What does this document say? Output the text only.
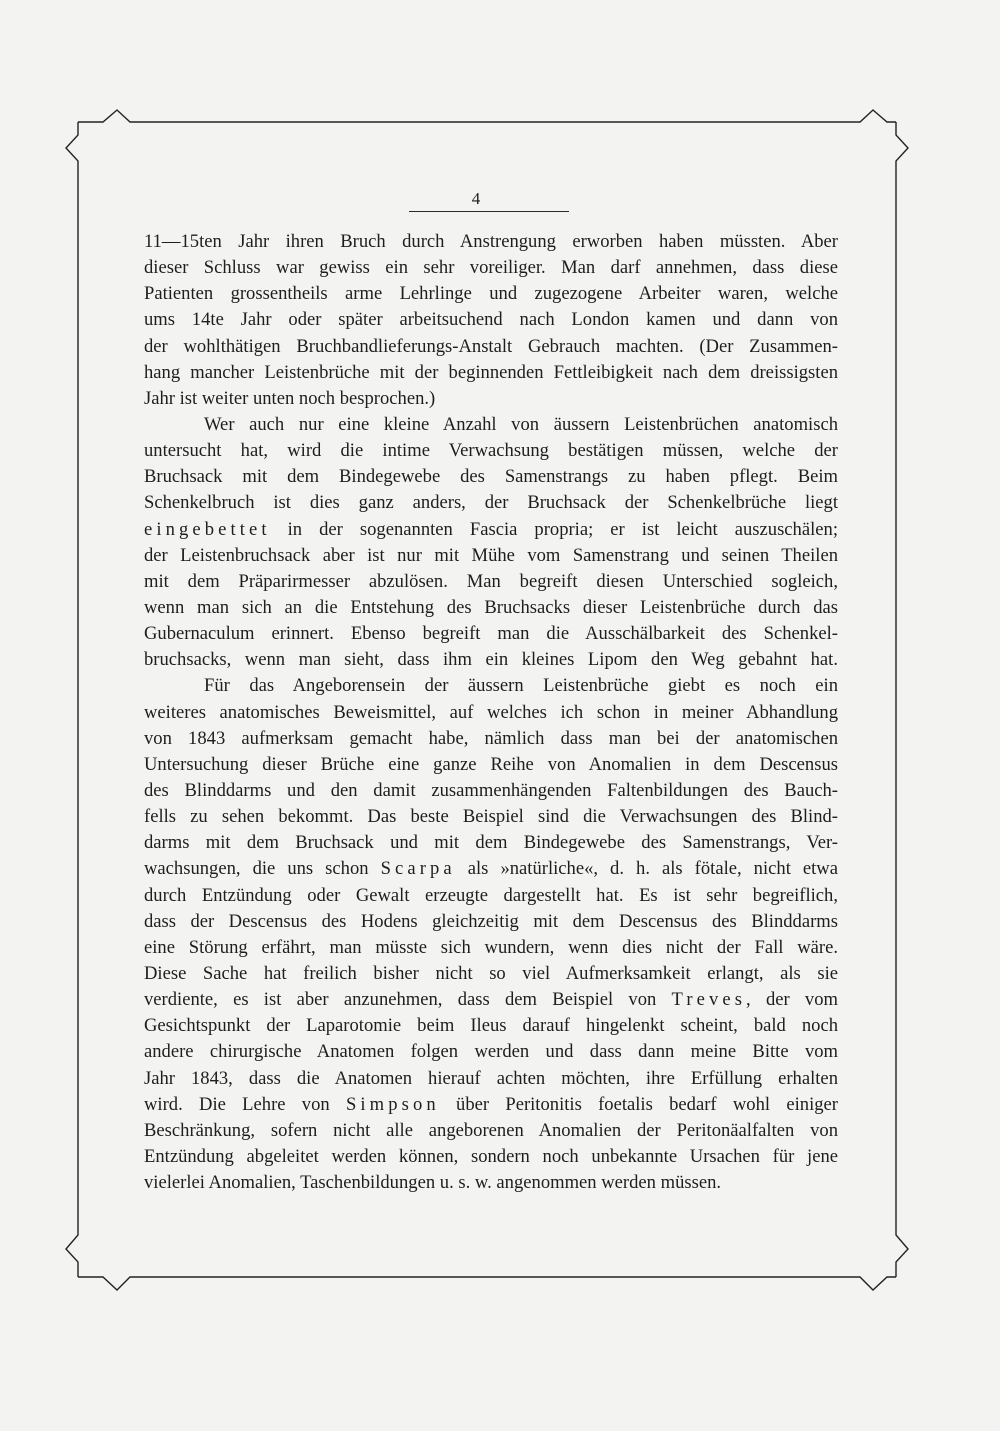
4
11—15ten Jahr ihren Bruch durch Anstrengung erworben haben müssten. Aber
dieser Schluss war gewiss ein sehr voreiliger. Man darf annehmen, dass diese
Patienten grossentheils arme Lehrlinge und zugezogene Arbeiter waren, welche
ums 14te Jahr oder später arbeitsuchend nach London kamen und dann von
der wohlthätigen Bruchbandlieferungs-Anstalt Gebrauch machten. (Der Zusammen-
hang mancher Leistenbrüche mit der beginnenden Fettleibigkeit nach dem dreissigsten
Jahr ist weiter unten noch besprochen.)
Wer auch nur eine kleine Anzahl von äussern Leistenbrüchen anatomisch
untersucht hat, wird die intime Verwachsung bestätigen müssen, welche der
Bruchsack mit dem Bindegewebe des Samenstrangs zu haben pflegt. Beim
Schenkelbruch ist dies ganz anders, der Bruchsack der Schenkelbrüche liegt
eingebettet in der sogenannten Fascia propria; er ist leicht auszuschälen;
der Leistenbruchsack aber ist nur mit Mühe vom Samenstrang und seinen Theilen
mit dem Präparirmesser abzulösen. Man begreift diesen Unterschied sogleich,
wenn man sich an die Entstehung des Bruchsacks dieser Leistenbrüche durch das
Gubernaculum erinnert. Ebenso begreift man die Ausschälbarkeit des Schenkel-
bruchsacks, wenn man sieht, dass ihm ein kleines Lipom den Weg gebahnt hat.
Für das Angeborensein der äussern Leistenbrüche giebt es noch ein
weiteres anatomisches Beweismittel, auf welches ich schon in meiner Abhandlung
von 1843 aufmerksam gemacht habe, nämlich dass man bei der anatomischen
Untersuchung dieser Brüche eine ganze Reihe von Anomalien in dem Descensus
des Blinddarms und den damit zusammenhängenden Faltenbildungen des Bauch-
fells zu sehen bekommt. Das beste Beispiel sind die Verwachsungen des Blind-
darms mit dem Bruchsack und mit dem Bindegewebe des Samenstrangs, Ver-
wachsungen, die uns schon Scarpa als »natürliche«, d. h. als fötale, nicht etwa
durch Entzündung oder Gewalt erzeugte dargestellt hat. Es ist sehr begreiflich,
dass der Descensus des Hodens gleichzeitig mit dem Descensus des Blinddarms
eine Störung erfährt, man müsste sich wundern, wenn dies nicht der Fall wäre.
Diese Sache hat freilich bisher nicht so viel Aufmerksamkeit erlangt, als sie
verdiente, es ist aber anzunehmen, dass dem Beispiel von Treves, der vom
Gesichtspunkt der Laparotomie beim Ileus darauf hingelenkt scheint, bald noch
andere chirurgische Anatomen folgen werden und dass dann meine Bitte vom
Jahr 1843, dass die Anatomen hierauf achten möchten, ihre Erfüllung erhalten
wird. Die Lehre von Simpson über Peritonitis foetalis bedarf wohl einiger
Beschränkung, sofern nicht alle angeborenen Anomalien der Peritonäalfalten von
Entzündung abgeleitet werden können, sondern noch unbekannte Ursachen für jene
vielerlei Anomalien, Taschenbildungen u. s. w. angenommen werden müssen.
